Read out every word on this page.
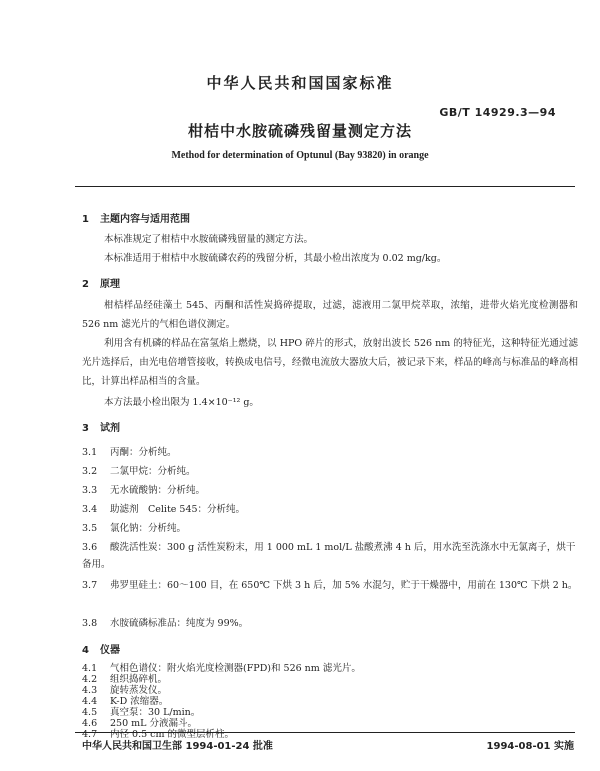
中华人民共和国国家标准
GB/T 14929.3—94
柑桔中水胺硫磷残留量测定方法
Method for determination of Optunul (Bay 93820) in orange
1 主题内容与适用范围
本标准规定了柑桔中水胺硫磷残留量的测定方法。
本标准适用于柑桔中水胺硫磷农药的残留分析，其最小检出浓度为 0.02 mg/kg。
2 原理
柑桔样品经硅藻土 545、丙酮和活性炭捣碎提取，过滤，滤液用二氯甲烷萃取，浓缩，进带火焰光度检测器和 526 nm 滤光片的气相色谱仪测定。
利用含有机磷的样品在富氢焰上燃烧，以 HPO 碎片的形式，放射出波长 526 nm 的特征光，这种特征光通过滤光片选择后，由光电倍增管接收，转换成电信号，经微电流放大器放大后，被记录下来，样品的峰高与标准品的峰高相比，计算出样品相当的含量。
本方法最小检出限为 1.4×10⁻¹² g。
3 试剂
3.1 丙酮：分析纯。
3.2 二氯甲烷：分析纯。
3.3 无水硫酸钠：分析纯。
3.4 助滤剂　Celite 545：分析纯。
3.5 氯化钠：分析纯。
3.6 酸洗活性炭：300 g 活性炭粉末，用 1 000 mL 1 mol/L 盐酸煮沸 4 h 后，用水洗至洗涤水中无氯离子，烘干备用。
3.7 弗罗里硅土：60～100 目，在 650℃ 下烘 3 h 后，加 5% 水混匀，贮于干燥器中，用前在 130℃ 下烘 2 h。
3.8 水胺硫磷标准品：纯度为 99%。
4 仪器
4.1 气相色谱仪：附火焰光度检测器(FPD)和 526 nm 滤光片。
中华人民共和国卫生部 1994-01-24 批准	1994-08-01 实施
4.2 组织捣碎机。
4.3 旋转蒸发仪。
4.4 K-D 浓缩器。
4.5 真空泵：30 L/min。
4.6 250 mL 分液漏斗。
4.7 内径 0.5 cm 的微型层析柱。
